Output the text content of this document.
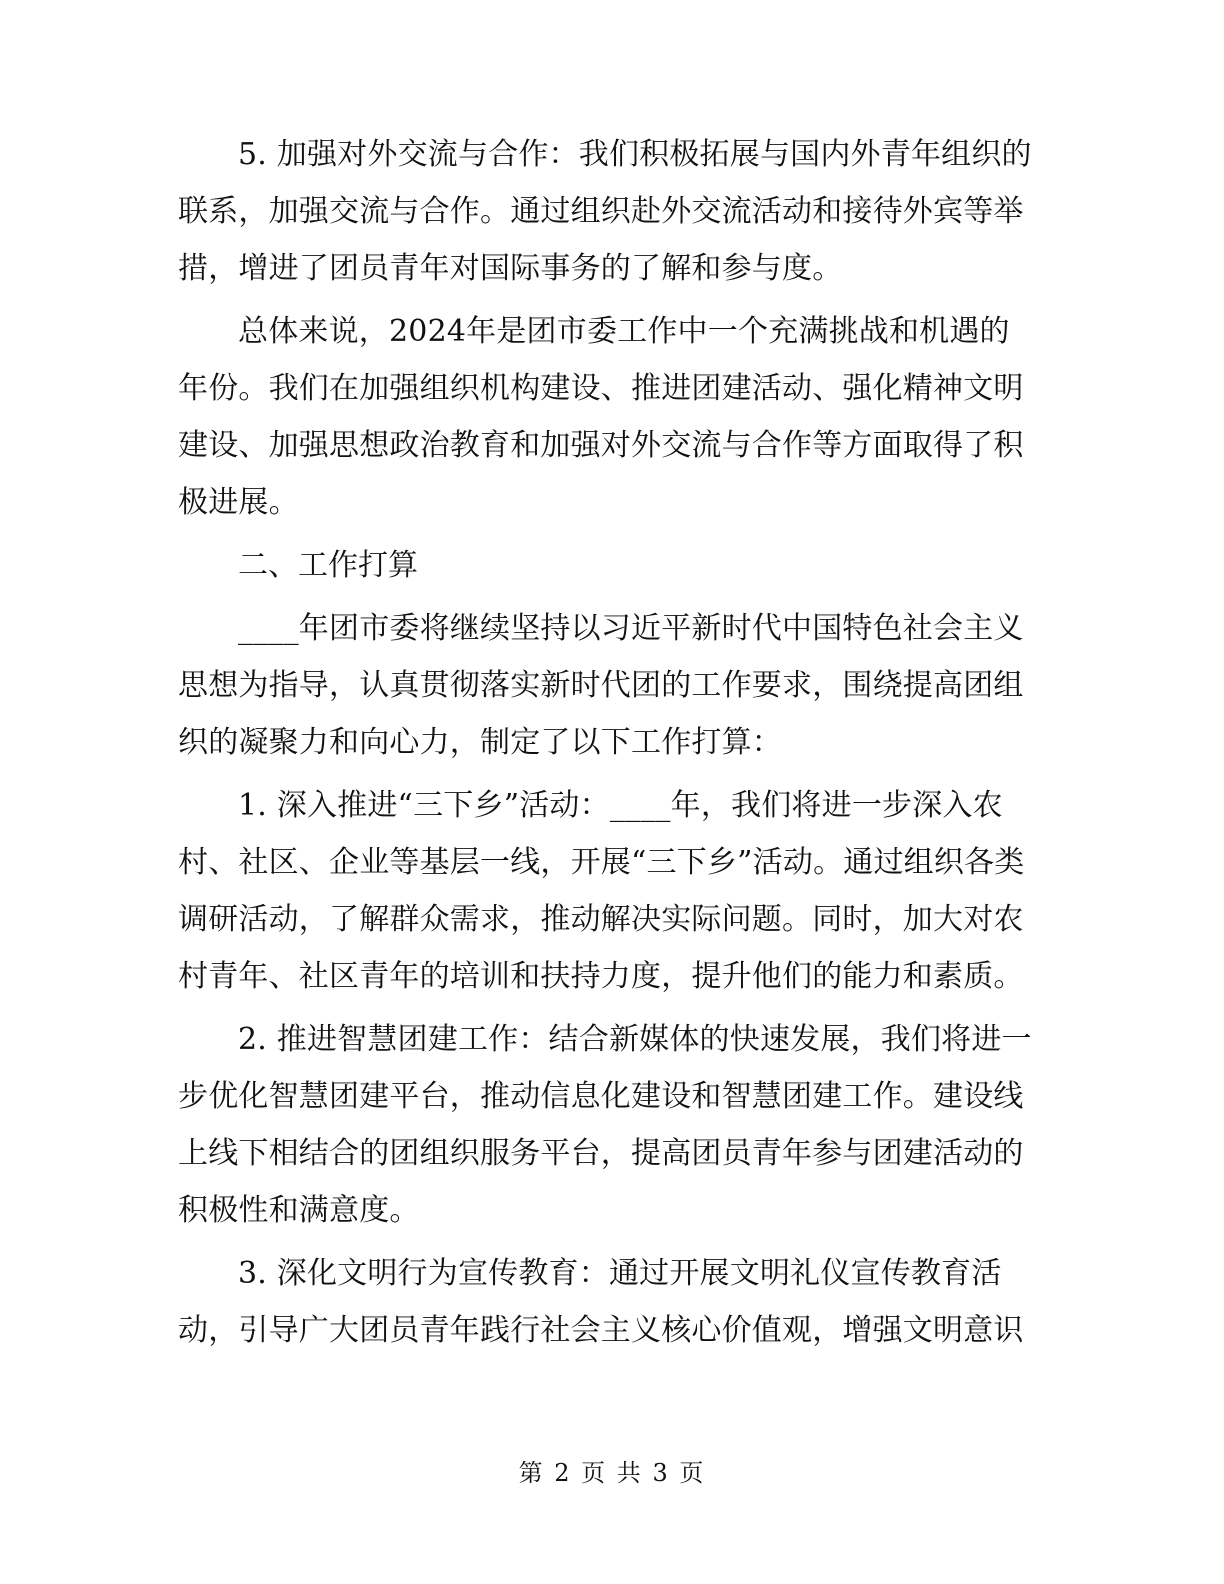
5. 加强对外交流与合作：我们积极拓展与国内外青年组织的联系，加强交流与合作。通过组织赴外交流活动和接待外宾等举措，增进了团员青年对国际事务的了解和参与度。

总体来说，2024年是团市委工作中一个充满挑战和机遇的年份。我们在加强组织机构建设、推进团建活动、强化精神文明建设、加强思想政治教育和加强对外交流与合作等方面取得了积极进展。

二、工作打算

____年团市委将继续坚持以习近平新时代中国特色社会主义思想为指导，认真贯彻落实新时代团的工作要求，围绕提高团组织的凝聚力和向心力，制定了以下工作打算：

1. 深入推进“三下乡”活动：____年，我们将进一步深入农村、社区、企业等基层一线，开展“三下乡”活动。通过组织各类调研活动，了解群众需求，推动解决实际问题。同时，加大对农村青年、社区青年的培训和扶持力度，提升他们的能力和素质。

2. 推进智慧团建工作：结合新媒体的快速发展，我们将进一步优化智慧团建平台，推动信息化建设和智慧团建工作。建设线上线下相结合的团组织服务平台，提高团员青年参与团建活动的积极性和满意度。

3. 深化文明行为宣传教育：通过开展文明礼仪宣传教育活动，引导广大团员青年践行社会主义核心价值观，增强文明意识

第 2 页 共 3 页
